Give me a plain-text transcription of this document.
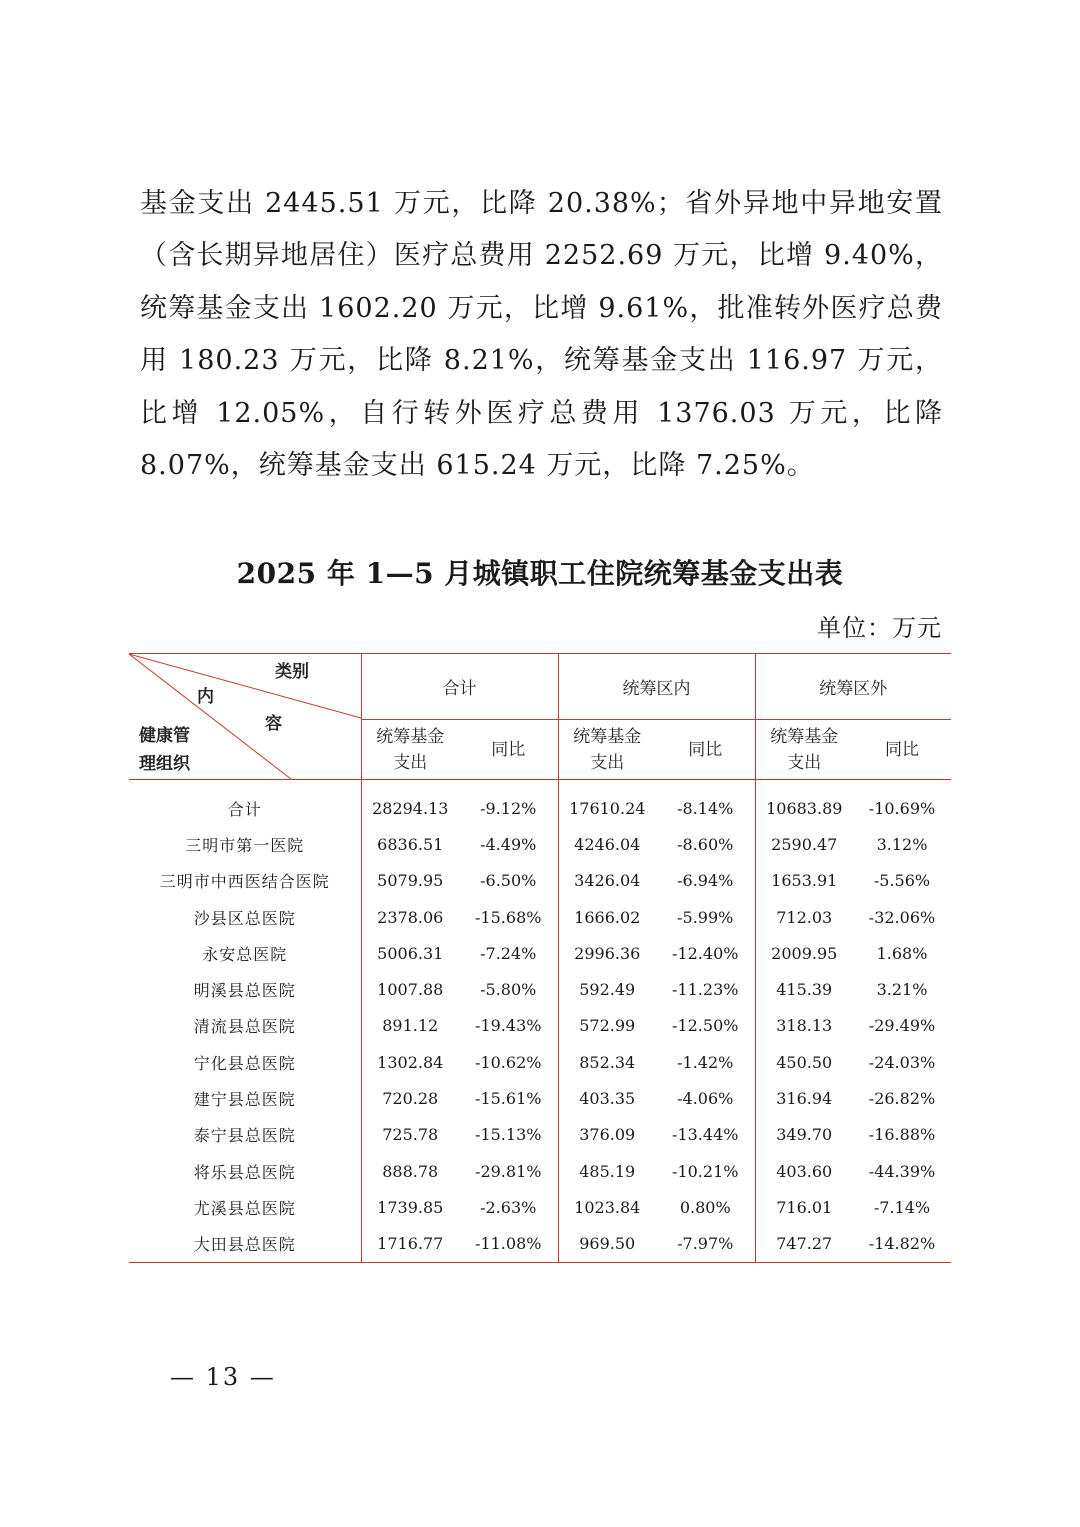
基金支出 2445.51 万元，比降 20.38%；省外异地中异地安置（含长期异地居住）医疗总费用 2252.69 万元，比增 9.40%，统筹基金支出 1602.20 万元，比增 9.61%，批准转外医疗总费用 180.23 万元，比降 8.21%，统筹基金支出 116.97 万元，比增 12.05%，自行转外医疗总费用 1376.03 万元，比降 8.07%，统筹基金支出 615.24 万元，比降 7.25%。

2025 年 1—5 月城镇职工住院统筹基金支出表
单位：万元
类别
内
容
健康管
理组织	合计		统筹区内		统筹区外	
	统筹基金
支出	同比	统筹基金
支出	同比	统筹基金
支出	同比
合计	28294.13	-9.12%	17610.24	-8.14%	10683.89	-10.69%
三明市第一医院	6836.51	-4.49%	4246.04	-8.60%	2590.47	3.12%
三明市中西医结合医院	5079.95	-6.50%	3426.04	-6.94%	1653.91	-5.56%
沙县区总医院	2378.06	-15.68%	1666.02	-5.99%	712.03	-32.06%
永安总医院	5006.31	-7.24%	2996.36	-12.40%	2009.95	1.68%
明溪县总医院	1007.88	-5.80%	592.49	-11.23%	415.39	3.21%
清流县总医院	891.12	-19.43%	572.99	-12.50%	318.13	-29.49%
宁化县总医院	1302.84	-10.62%	852.34	-1.42%	450.50	-24.03%
建宁县总医院	720.28	-15.61%	403.35	-4.06%	316.94	-26.82%
泰宁县总医院	725.78	-15.13%	376.09	-13.44%	349.70	-16.88%
将乐县总医院	888.78	-29.81%	485.19	-10.21%	403.60	-44.39%
尤溪县总医院	1739.85	-2.63%	1023.84	0.80%	716.01	-7.14%
大田县总医院	1716.77	-11.08%	969.50	-7.97%	747.27	-14.82%
— 13 —
